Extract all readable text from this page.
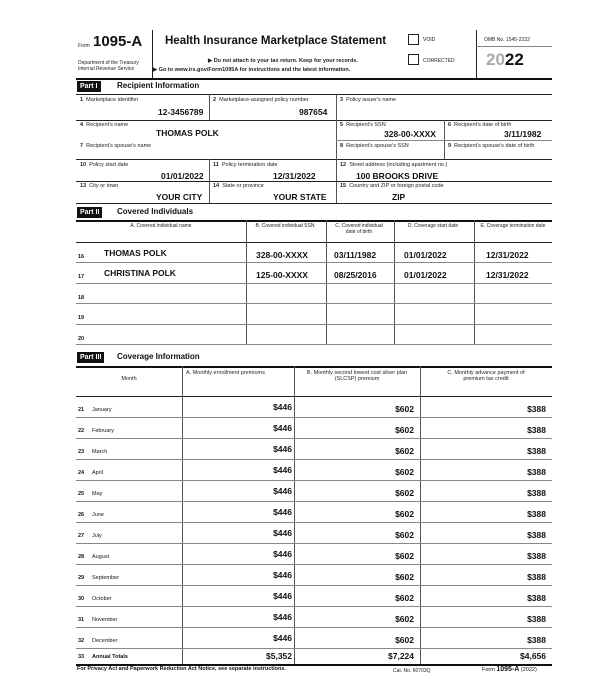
Form 1095-A Health Insurance Marketplace Statement
Department of the Treasury
Internal Revenue Service
▶ Do not attach to your tax return. Keep for your records.
▶ Go to www.irs.gov/Form1095A for instructions and the latest information.
VOID
CORRECTED
OMB No. 1545-2232
2022
Part I	Recipient Information
1 Marketplace identifier
12-3456789
2 Marketplace-assigned policy number
987654
3 Policy issuer's name
4 Recipient's name
THOMAS POLK
5 Recipient's SSN
328-00-XXXX
6 Recipient's date of birth
3/11/1982
7 Recipient's spouse's name	8 Recipient's spouse's SSN	9 Recipient's spouse's date of birth
10 Policy start date
01/01/2022
11 Policy termination date
12/31/2022
12 Street address (including apartment no.)
100 BROOKS DRIVE
13 City or town
YOUR CITY
14 State or province
YOUR STATE
15 Country and ZIP or foreign postal code
ZIP
Part II	Covered Individuals
A. Covered individual name	B. Covered individual SSN	C. Covered individual date of birth
D. Coverage start date	E. Coverage termination date
16 THOMAS POLK	328-00-XXXX	03/11/1982	01/01/2022	12/31/2022
17 CHRISTINA POLK	125-00-XXXX	08/25/2016	01/01/2022	12/31/2022
18
19
20
Part III	Coverage Information
Month
A. Monthly enrollment premiums	B. Monthly second lowest cost silver plan (SLCSP) premium
C. Monthly advance payment of premium tax credit
21 January	$446	$602	$388
22 February	$446	$602	$388
23 March	$446	$602	$388
24 April	$446	$602	$388
25 May	$446	$602	$388
26 June	$446	$602	$388
27 July	$446	$602	$388
28 August	$446	$602	$388
29 September	$446	$602	$388
30 October	$446	$602	$388
31 November	$446	$602	$388
32 December	$446	$602	$388
33 Annual Totals	$5,352	$7,224	$4,656
For Privacy Act and Paperwork Reduction Act Notice, see separate instructions.	Cat. No. 60703Q	Form 1095-A (2022)
